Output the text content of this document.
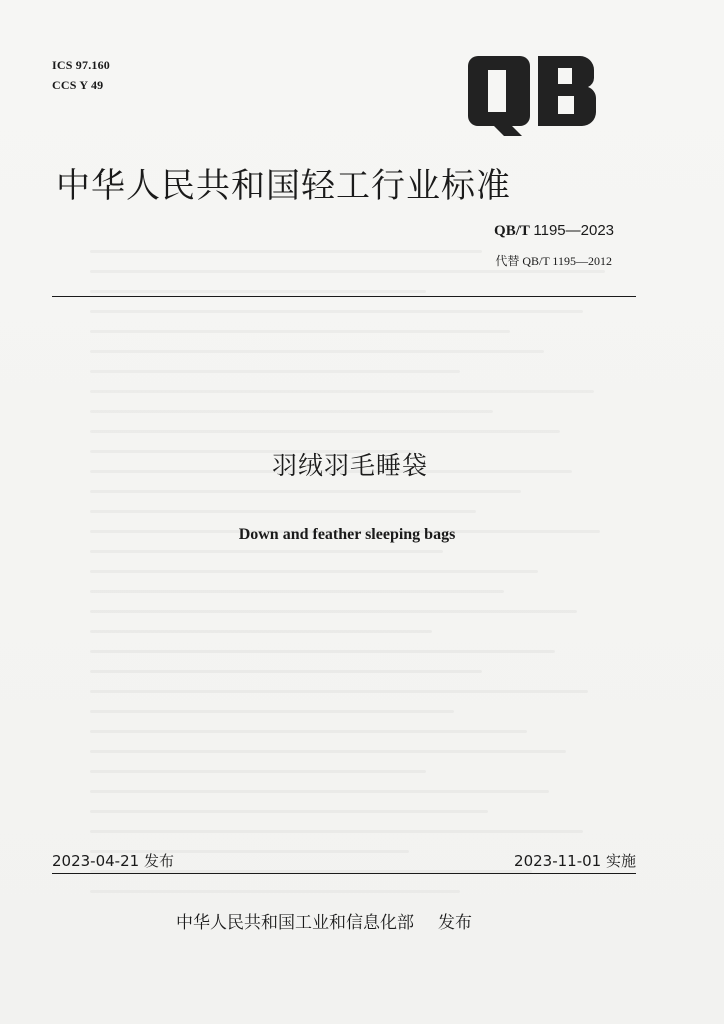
ICS 97.160
CCS Y 49
中华人民共和国轻工行业标准
QB/T 1195—2023
代替 QB/T 1195—2012
羽绒羽毛睡袋
Down and feather sleeping bags
2023-04-21 发布	2023-11-01 实施
中华人民共和国工业和信息化部 发布
